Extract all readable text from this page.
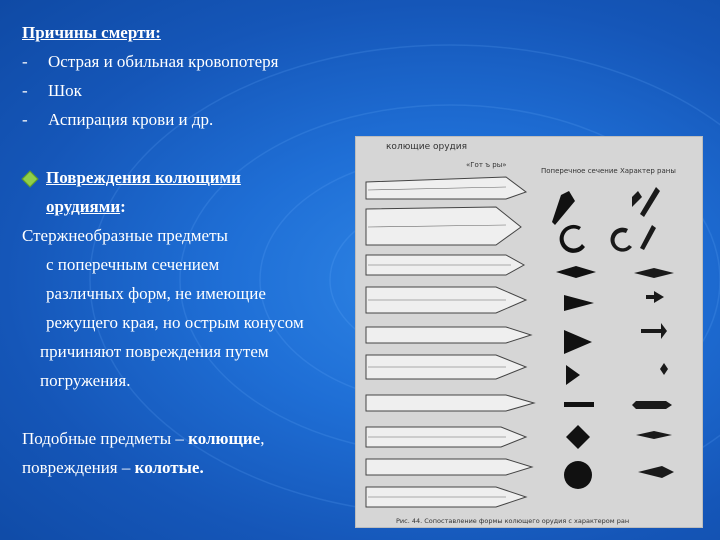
Причины смерти:
- Острая и обильная кровопотеря
- Шок
- Аспирация крови и др.
Повреждения колющими
орудиями:
Стержнеобразные предметы
с поперечным сечением
различных форм, не имеющие
режущего края, но острым конусом
причиняют повреждения путем
погружения.
Подобные предметы – колющие,
повреждения – колотые.
колющие орудия
«Гот ъ ры»
Поперечное сечение Характер раны
Рис. 44. Сопоставление формы колющего орудия с характером ран
